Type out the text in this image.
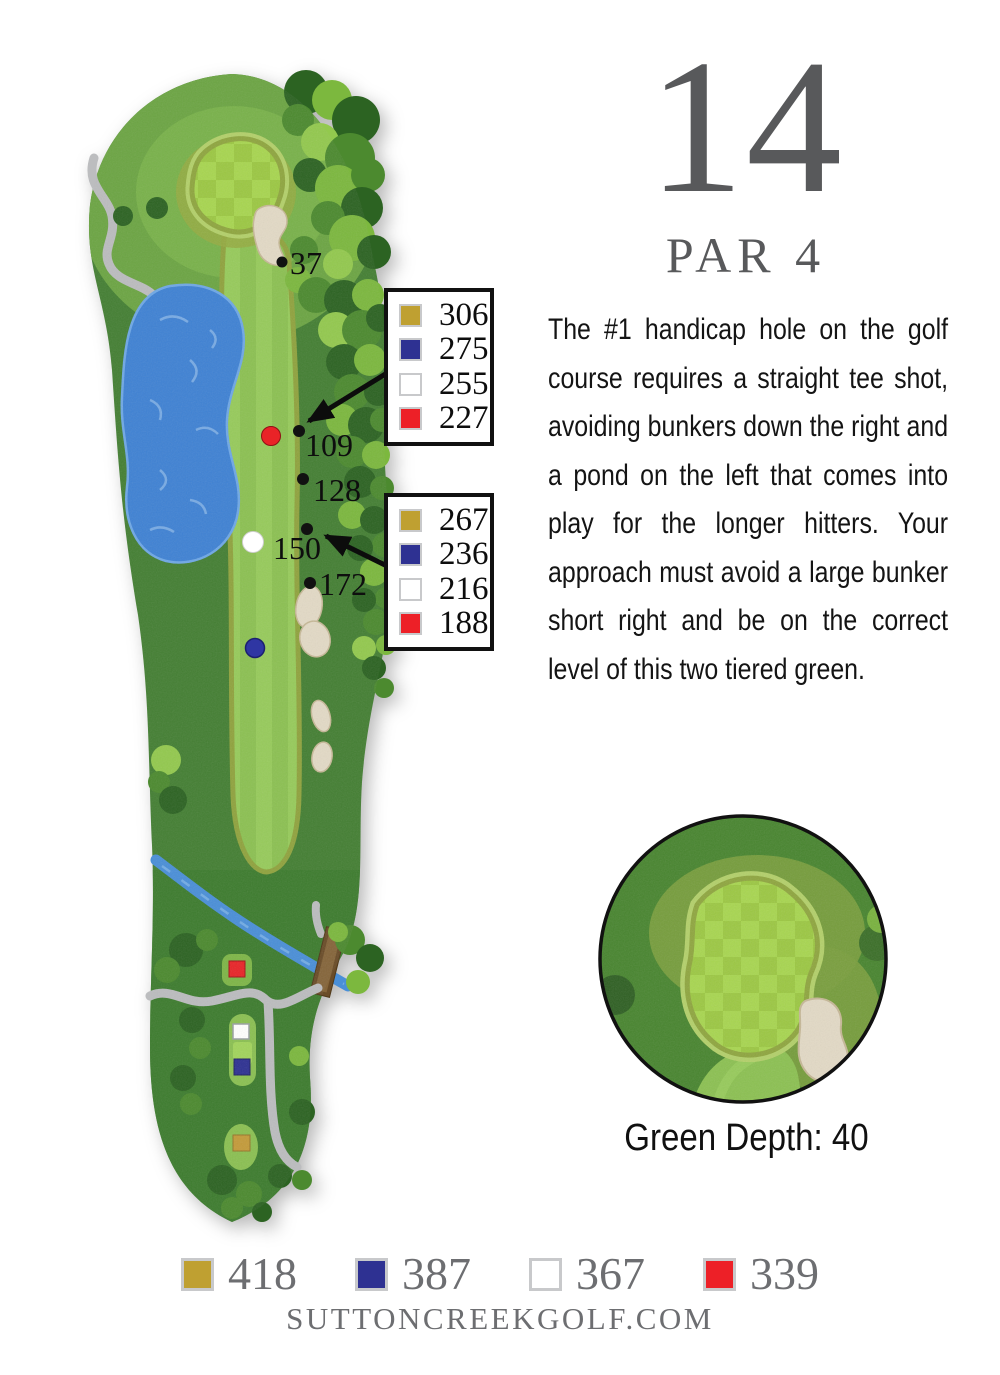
37
109
128
150
172
306
275
255
227
267
236
216
188
14
PAR 4
The #1 handicap hole on the golf course requires a straight tee shot, avoiding bunkers down the right and a pond on the left that comes into play for the longer hitters. Your approach must avoid a large bunker short right and be on the correct level of this two tiered green.
Green Depth: 40
418 387 367 339
SUTTONCREEKGOLF.COM
